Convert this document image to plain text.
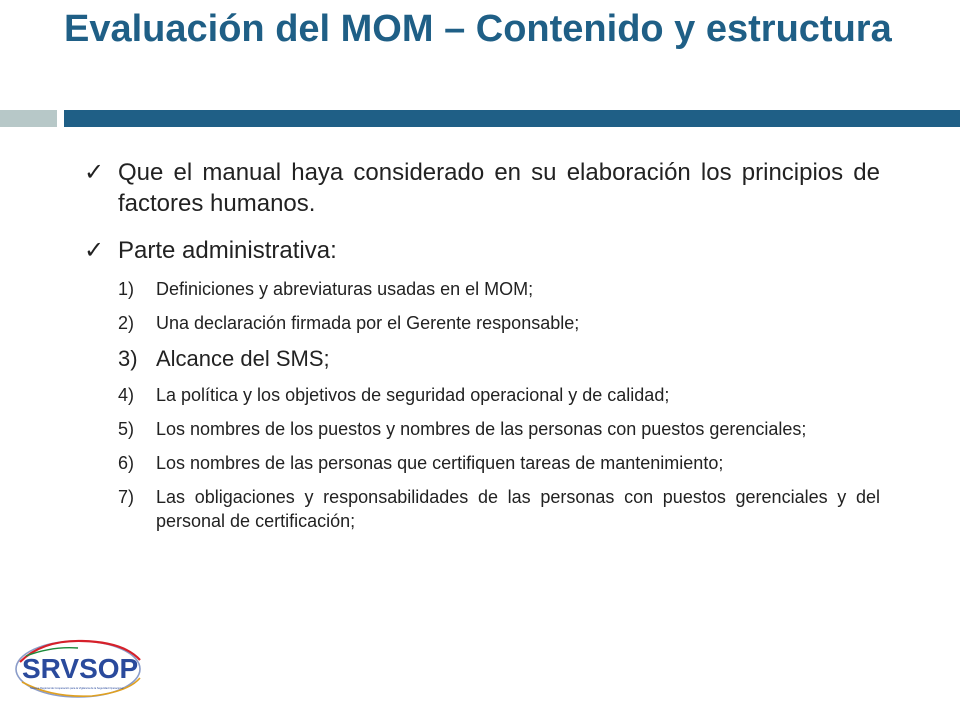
Evaluación del MOM – Contenido y estructura
✓ Que el manual haya considerado en su elaboración los principios de factores humanos.
✓ Parte administrativa:
1) Definiciones y abreviaturas usadas en el MOM;
2) Una declaración firmada por el Gerente responsable;
3) Alcance del SMS;
4) La política y los objetivos de seguridad operacional y de calidad;
5) Los nombres de los puestos y nombres de las personas con puestos gerenciales;
6) Los nombres de las personas que certifiquen tareas de mantenimiento;
7) Las obligaciones y responsabilidades de las personas con puestos gerenciales y del personal de certificación;
SRVSOP
Sistema Regional de Cooperación para la Vigilancia de la Seguridad Operacional
